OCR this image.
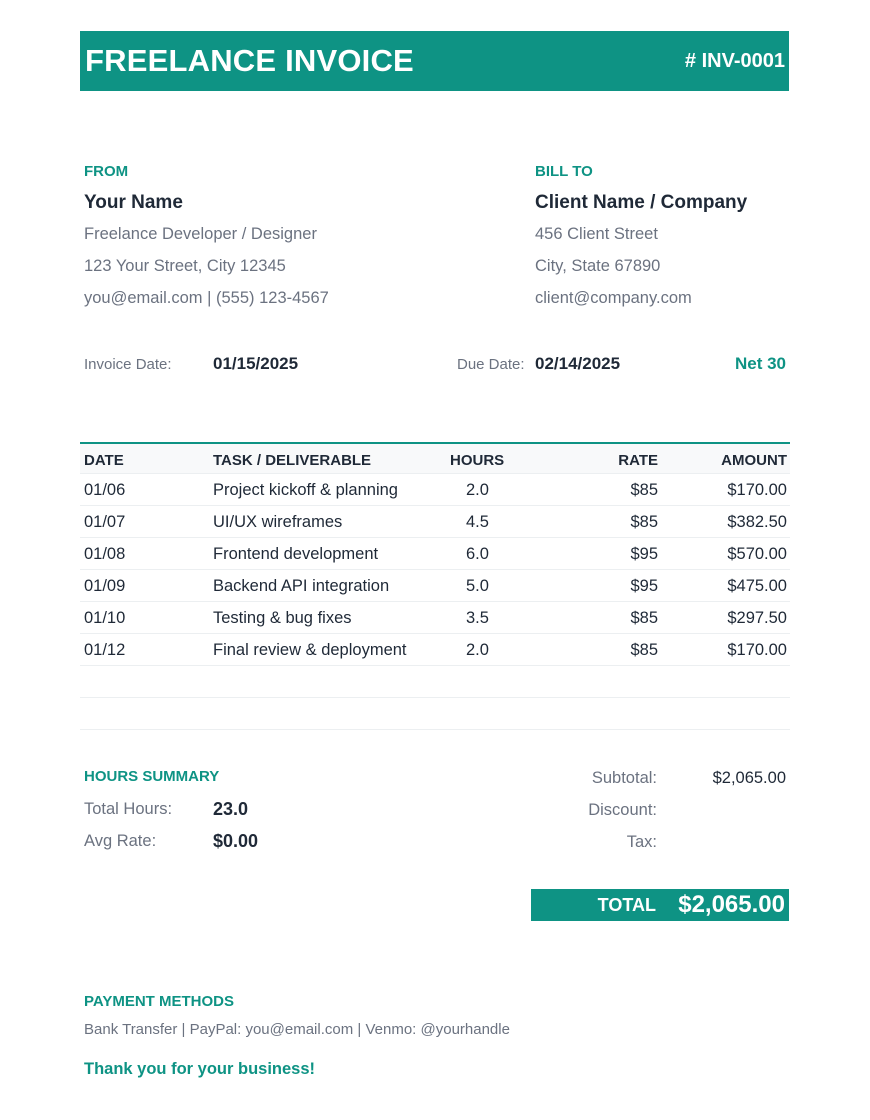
FREELANCE INVOICE	# INV-0001
FROM
Your Name
Freelance Developer / Designer
123 Your Street, City 12345
you@email.com | (555) 123-4567
BILL TO
Client Name / Company
456 Client Street
City, State 67890
client@company.com
Invoice Date: 01/15/2025	Due Date: 02/14/2025	Net 30
DATE	TASK / DELIVERABLE	HOURS	RATE	AMOUNT
01/06	Project kickoff & planning	2.0	$85	$170.00
01/07	UI/UX wireframes	4.5	$85	$382.50
01/08	Frontend development	6.0	$95	$570.00
01/09	Backend API integration	5.0	$95	$475.00
01/10	Testing & bug fixes	3.5	$85	$297.50
01/12	Final review & deployment	2.0	$85	$170.00
HOURS SUMMARY
Total Hours: 23.0
Avg Rate:	$0.00
Subtotal:	$2,065.00
Discount:
Tax:
TOTAL $2,065.00
PAYMENT METHODS
Bank Transfer | PayPal: you@email.com | Venmo: @yourhandle
Thank you for your business!
